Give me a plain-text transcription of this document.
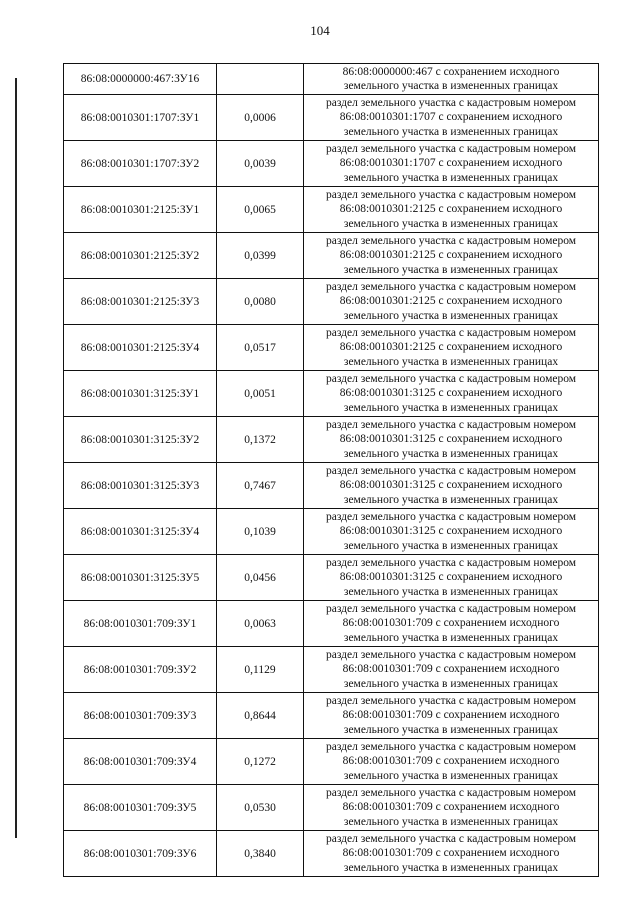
104
86:08:0000000:467:ЗУ16		86:08:0000000:467 с сохранением исходного
земельного участка в измененных границах

86:08:0010301:1707:ЗУ1	0,0006	раздел земельного участка с кадастровым номером
86:08:0010301:1707 с сохранением исходного
земельного участка в измененных границах

86:08:0010301:1707:ЗУ2	0,0039	раздел земельного участка с кадастровым номером
86:08:0010301:1707 с сохранением исходного
земельного участка в измененных границах

86:08:0010301:2125:ЗУ1	0,0065	раздел земельного участка с кадастровым номером
86:08:0010301:2125 с сохранением исходного
земельного участка в измененных границах

86:08:0010301:2125:ЗУ2	0,0399	раздел земельного участка с кадастровым номером
86:08:0010301:2125 с сохранением исходного
земельного участка в измененных границах

86:08:0010301:2125:ЗУ3	0,0080	раздел земельного участка с кадастровым номером
86:08:0010301:2125 с сохранением исходного
земельного участка в измененных границах

86:08:0010301:2125:ЗУ4	0,0517	раздел земельного участка с кадастровым номером
86:08:0010301:2125 с сохранением исходного
земельного участка в измененных границах

86:08:0010301:3125:ЗУ1	0,0051	раздел земельного участка с кадастровым номером
86:08:0010301:3125 с сохранением исходного
земельного участка в измененных границах

86:08:0010301:3125:ЗУ2	0,1372	раздел земельного участка с кадастровым номером
86:08:0010301:3125 с сохранением исходного
земельного участка в измененных границах

86:08:0010301:3125:ЗУ3	0,7467	раздел земельного участка с кадастровым номером
86:08:0010301:3125 с сохранением исходного
земельного участка в измененных границах

86:08:0010301:3125:ЗУ4	0,1039	раздел земельного участка с кадастровым номером
86:08:0010301:3125 с сохранением исходного
земельного участка в измененных границах

86:08:0010301:3125:ЗУ5	0,0456	раздел земельного участка с кадастровым номером
86:08:0010301:3125 с сохранением исходного
земельного участка в измененных границах

86:08:0010301:709:ЗУ1	0,0063	раздел земельного участка с кадастровым номером
86:08:0010301:709 с сохранением исходного
земельного участка в измененных границах

86:08:0010301:709:ЗУ2	0,1129	раздел земельного участка с кадастровым номером
86:08:0010301:709 с сохранением исходного
земельного участка в измененных границах

86:08:0010301:709:ЗУ3	0,8644	раздел земельного участка с кадастровым номером
86:08:0010301:709 с сохранением исходного
земельного участка в измененных границах

86:08:0010301:709:ЗУ4	0,1272	раздел земельного участка с кадастровым номером
86:08:0010301:709 с сохранением исходного
земельного участка в измененных границах

86:08:0010301:709:ЗУ5	0,0530	раздел земельного участка с кадастровым номером
86:08:0010301:709 с сохранением исходного
земельного участка в измененных границах

86:08:0010301:709:ЗУ6	0,3840	раздел земельного участка с кадастровым номером
86:08:0010301:709 с сохранением исходного
земельного участка в измененных границах
